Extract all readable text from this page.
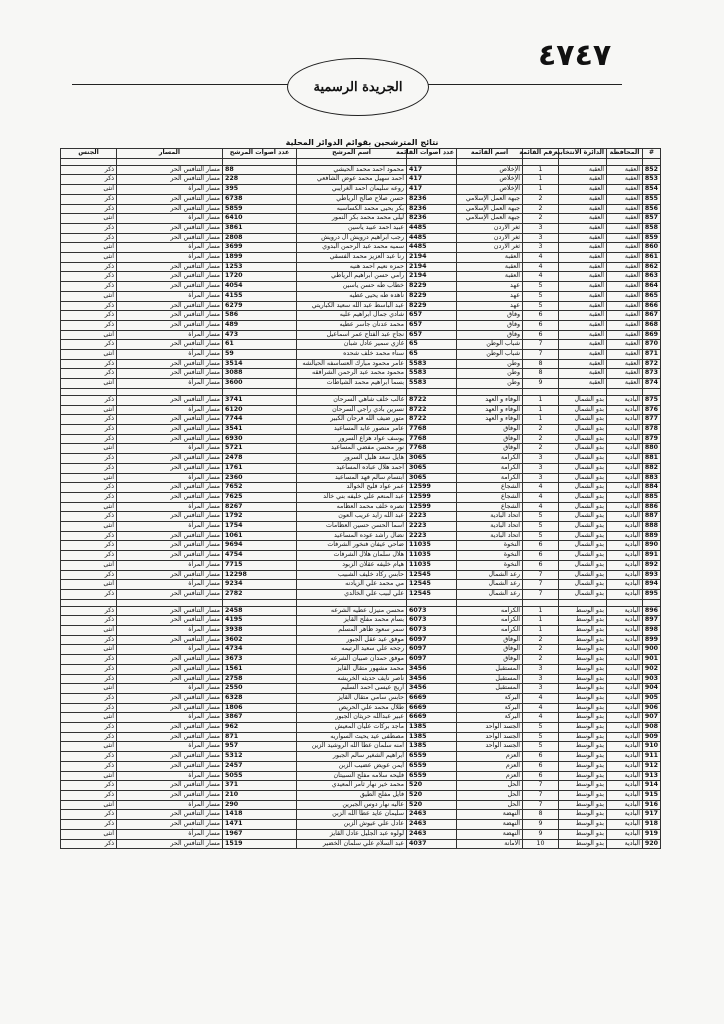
٤٧٤٧
الجريدة الرسمية
نتائج المترشحين بقوائم الدوائر المحلية
#	المحافظة	الدائرة الانتخابية	رقم القائمة	اسم القائمة	عدد اصوات القائمة	اسم المرشح	عدد اصوات المرشح	المسار	الجنس

852	العقبة	العقبة	1	الإخلاص	417	محمود احمد محمد الحيشي	88	مسار التنافس الحر	ذكر
853	العقبة	العقبة	1	الإخلاص	417	احمد سهيل محمد عوض الشافعي	228	مسار التنافس الحر	ذكر
854	العقبة	العقبة	1	الإخلاص	417	روعه سليمان احمد الغرايبي	395	مسار المرأة	انثى
855	العقبة	العقبة	2	جبهة العمل الإسلامي	8236	حسن صلاح صالح الرياطي	6738	مسار التنافس الحر	ذكر
856	العقبة	العقبة	2	جبهة العمل الإسلامي	8236	بكر يحيى محمد الكساسبه	5859	مسار التنافس الحر	ذكر
857	العقبة	العقبة	2	جبهة العمل الإسلامي	8236	ليلى محمد محمد بكر النمور	6410	مسار المرأة	انثى
858	العقبة	العقبة	3	ثغر الاردن	4485	عبيد احمد عبيد ياسين	3861	مسار التنافس الحر	ذكر
859	العقبة	العقبة	3	ثغر الاردن	4485	رجب ابراهيم درويش ال درويش	2808	مسار التنافس الحر	ذكر
860	العقبة	العقبة	3	ثغر الاردن	4485	سميه محمد عبد الرحمن البدوي	3699	مسار المرأة	انثى
861	العقبة	العقبة	4	العقبة	2194	رنا عبد العزيز محمد الفسقي	1899	مسار المرأة	انثى
862	العقبة	العقبة	4	العقبة	2194	حمزه نعيم احمد هنيه	1253	مسار التنافس الحر	ذكر
863	العقبة	العقبة	4	العقبة	2194	رامي حسن ابراهيم الرياطي	1720	مسار التنافس الحر	ذكر
864	العقبة	العقبة	5	عهد	8229	خطاب طه حسن ياسين	4054	مسار التنافس الحر	ذكر
865	العقبة	العقبة	5	عهد	8229	ناهده طه يحيى غطيه	4155	مسار المرأة	انثى
866	العقبة	العقبة	5	عهد	8229	عبد الباسط عبد الله سعيد الكباريتي	6279	مسار التنافس الحر	ذكر
867	العقبة	العقبة	6	وفاق	657	شادي جمال ابراهيم عليه	586	مسار التنافس الحر	ذكر
868	العقبة	العقبة	6	وفاق	657	محمد عدنان جاسر عطيه	489	مسار التنافس الحر	ذكر
869	العقبة	العقبة	6	وفاق	657	نجاح عبد الفتاح عمر اسماعيل	473	مسار المرأة	انثى
870	العقبة	العقبة	7	شباب الوطن	65	غازي سمير عادل شبان	61	مسار التنافس الحر	ذكر
871	العقبة	العقبة	7	شباب الوطن	65	سناء محمد خلف شحده	59	مسار المرأة	انثى
872	العقبة	العقبة	8	وطن	5583	عامر محمود مبارك العساسفه الحيالشه	3514	مسار التنافس الحر	ذكر
873	العقبة	العقبة	8	وطن	5583	محمود محمد عبد الرحمن الشرافقه	3088	مسار التنافس الحر	ذكر
874	العقبة	العقبة	9	وطن	5583	بسما ابراهيم محمد الشياطات	3600	مسار المرأة	انثى

875	البادية	بدو الشمال	1	الوفاء و العهد	8722	غالب خلف شاهي السرحان	3741	مسار التنافس الحر	ذكر
876	البادية	بدو الشمال	1	الوفاء و العهد	8722	نسرين بادي راجي السرحان	6120	مسار المرأة	انثى
877	البادية	بدو الشمال	1	الوفاء و العهد	8722	متور ضيف الله فرحان الكبير	7744	مسار التنافس الحر	ذكر
878	البادية	بدو الشمال	2	الوفاق	7768	عامر منصور عابد المساعيد	3541	مسار التنافس الحر	ذكر
879	البادية	بدو الشمال	2	الوفاق	7768	يوسف عواد هزاع السرور	6930	مسار التنافس الحر	ذكر
880	البادية	بدو الشمال	2	الوفاق	7768	نور محسن مفضي المساعيد	5721	مسار المرأة	انثى
881	البادية	بدو الشمال	3	الكرامة	3065	هايل سعد هليل السرور	2478	مسار التنافس الحر	ذكر
882	البادية	بدو الشمال	3	الكرامة	3065	احمد هلال عباده المساعيد	1761	مسار التنافس الحر	ذكر
883	البادية	بدو الشمال	3	الكرامة	3065	ابتسام سالم فهد المساعيد	2360	مسار المرأة	انثى
884	البادية	بدو الشمال	4	الشجاع	12599	عمر عواد فليح الخوالد	7652	مسار التنافس الحر	ذكر
885	البادية	بدو الشمال	4	الشجاع	12599	عبد المنعم علي خليفه بني خالد	7625	مسار التنافس الحر	ذكر
886	البادية	بدو الشمال	4	الشجاع	12599	نصره خلف محمد العظامه	8267	مسار المرأة	انثى
887	البادية	بدو الشمال	5	اتحاد البادية	2223	عبد الله زايد عريب العون	1792	مسار التنافس الحر	ذكر
888	البادية	بدو الشمال	5	اتحاد البادية	2223	اسما الحسن حسين العظامات	1754	مسار المرأة	انثى
889	البادية	بدو الشمال	5	اتحاد البادية	2223	نضال راشد عوده المساعيد	1061	مسار التنافس الحر	ذكر
890	البادية	بدو الشمال	6	النخوة	11035	ضاحي عيفان فنخور الشرفات	9694	مسار التنافس الحر	ذكر
891	البادية	بدو الشمال	6	النخوة	11035	هلال سلمان هلال الشرفات	4754	مسار التنافس الحر	ذكر
892	البادية	بدو الشمال	6	النخوة	11035	هيام خليفه عقلان الزبود	7715	مسار المرأة	انثى
893	البادية	بدو الشمال	7	رعد الشمال	12545	حابس ركاد خليف الشبيب	12298	مسار التنافس الحر	ذكر
894	البادية	بدو الشمال	7	رعد الشمال	12545	مي محمد علي الزيادنه	9234	مسار المرأة	انثى
895	البادية	بدو الشمال	7	رعد الشمال	12545	علي لبيب علي الخالدي	2782	مسار التنافس الحر	ذكر

896	البادية	بدو الوسط	1	الكرامه	6073	محسن منيزل عطيه الشرعه	2458	مسار التنافس الحر	ذكر
897	البادية	بدو الوسط	1	الكرامه	6073	بسام محمد مفلح القايز	4195	مسار التنافس الحر	ذكر
898	البادية	بدو الوسط	1	الكرامه	6073	سمر سعود ظاهر المسلم	3938	مسار المرأة	انثى
899	البادية	بدو الوسط	2	الوفاق	6097	موفق عيد عقل الجبور	3602	مسار التنافس الحر	ذكر
900	البادية	بدو الوسط	2	الوفاق	6097	رجحه علي سعيد الرتيمه	4734	مسار المرأة	انثى
901	البادية	بدو الوسط	2	الوفاق	6097	موفق حمدان صبيان الشرعه	3673	مسار التنافس الحر	ذكر
902	البادية	بدو الوسط	3	المستقبل	3456	محمد مشهور متقال القايز	1561	مسار التنافس الحر	ذكر
903	البادية	بدو الوسط	3	المستقبل	3456	ناصر نايف حديثه الخريشه	2758	مسار التنافس الحر	ذكر
904	البادية	بدو الوسط	3	المستقبل	3456	اريج عيسى احمد السليم	2550	مسار المرأة	انثى
905	البادية	بدو الوسط	4	البركة	6669	حابس سامي متقال القايز	6328	مسار التنافس الحر	ذكر
906	البادية	بدو الوسط	4	البركة	6669	طلال محمد علي الحريص	1806	مسار التنافس الحر	ذكر
907	البادية	بدو الوسط	4	البركة	6669	عبير عبدالله حريثان الجبور	3867	مسار المرأة	انثى
908	البادية	بدو الوسط	5	الجسد الواحد	1385	ماجد بركات عليان المعيش	962	مسار التنافس الحر	ذكر
909	البادية	بدو الوسط	5	الجسد الواحد	1385	مصطفى عيد يحيث السواريه	871	مسار التنافس الحر	ذكر
910	البادية	بدو الوسط	5	الجسد الواحد	1385	امنه سلمان عطا الله الروشيد الزين	957	مسار المرأة	انثى
911	البادية	بدو الوسط	6	العزم	6559	ابراهيم الشغير سالم الجبور	5312	مسار التنافس الحر	ذكر
912	البادية	بدو الوسط	6	العزم	6559	ايمن عويض عضيب الزبن	2457	مسار التنافس الحر	ذكر
913	البادية	بدو الوسط	6	العزم	6559	فليحه سلامه مفلح السبيتان	5055	مسار المرأة	انثى
914	البادية	بدو الوسط	7	الحل	520	محمد خير نهار ثامر المعيدي	371	مسار التنافس الحر	ذكر
915	البادية	بدو الوسط	7	الحل	520	فايل مفلح الطيق	210	مسار التنافس الحر	ذكر
916	البادية	بدو الوسط	7	الحل	520	عاليه نهار دوس الجبرين	290	مسار المرأة	انثى
917	البادية	بدو الوسط	8	النهضة	2463	سليمان عايد عطا الله الزبن	1418	مسار التنافس الحر	ذكر
918	البادية	بدو الوسط	9	النهضة	2463	عادل علي عيوش الزبن	1471	مسار التنافس الحر	ذكر
919	البادية	بدو الوسط	9	النهضة	2463	لولوه عبد الجليل عادل القايز	1967	مسار المرأة	انثى
920	البادية	بدو الوسط	10	الأمانة	4037	عبد السلام علي سلمان الخضير	1519	مسار التنافس الحر	ذكر
